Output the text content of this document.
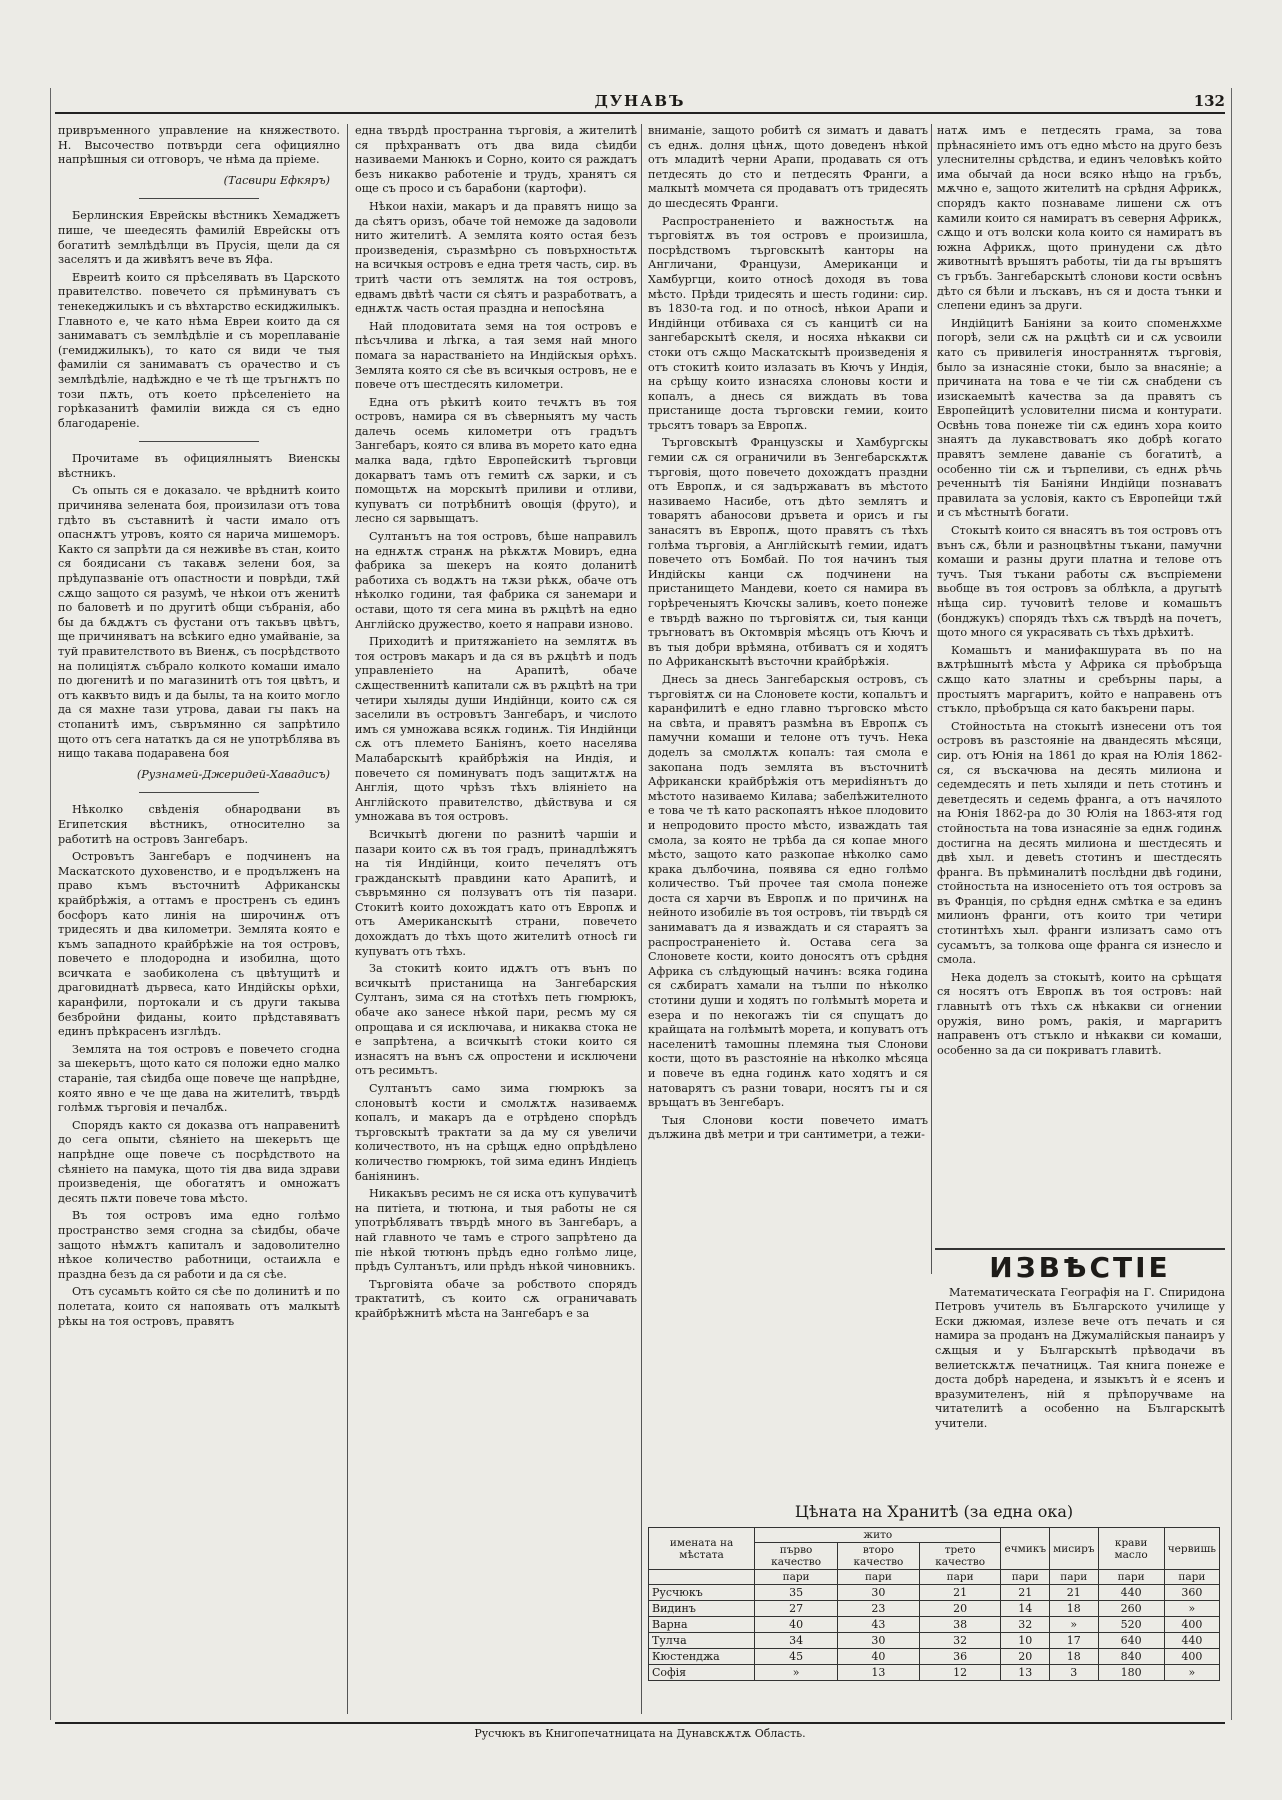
ДУНАВЪ	132

привръменного управление на княжеството. Н. Высочество потвърди сега официялно напрѣшныя си отговоръ, че нѣма да пріеме.

(Тасвири Ефкяръ)

Берлинския Еврейскы вѣстникъ Хемаджетъ пише, че шеедесять фамилій Еврейскы отъ богатитѣ землѣдѣлци въ Прусія, щели да ся заселятъ и да живѣятъ вече въ Яфа.

Евреитѣ които ся прѣселявать въ Царското правителство. повечето ся прѣминуватъ съ тенекеджилыкъ и съ вѣхтарство ескиджилыкъ. Главното е, че като нѣма Евреи които да ся занимаватъ съ землѣдѣліе и съ мореплаваніе (гемиджилыкъ), то като ся види че тыя фамиліи ся занимаватъ съ орачество и съ землѣдѣліе, надѣждно е че тѣ ще тръгнѫтъ по този пѫть, отъ което прѣселеніето на горѣказанитѣ фамиліи вижда ся съ едно благодареніе.

Прочитаме въ официялныятъ Виенскы вѣстникъ.

Съ опыть ся е доказало. че врѣднитѣ които причинява зелената боя, произилази отъ това гдѣто въ съставнитѣ ѝ части имало отъ опаснѫтъ утровъ, която ся нарича мишеморъ. Както ся запрѣти да ся неживѣе въ стан, които ся боядисани съ такавѫ зелени боя, за прѣдупазваніе отъ опастности и поврѣди, тѫй сѫщо защото ся разумѣ, че нѣкои отъ женитѣ по баловетѣ и по другитѣ общи събранія, або бы да бѫдѫтъ съ фустани отъ такъвъ цвѣтъ, ще причиняватъ на всѣкиго едно умайваніе, за туй правителството въ Виенѫ, съ посрѣдството на полицiятѫ събрало колкото комаши имало по дюгенитѣ и по магазинитѣ отъ тоя цвѣтъ, и отъ каквъто видъ и да былы, та на които могло да ся махне тази утрова, даваи гы пакъ на стопанитѣ имъ, съвръмянно ся запрѣтило щото отъ сега нататкъ да ся не употрѣблява въ нищо такава подаравена боя

(Рузнамей-Джеридей-Хавадисъ)

Нѣколко свѣденія обнародвани въ Египетския вѣстникъ, относително за работитѣ на островъ Зангебаръ.

Островътъ Зангебаръ е подчиненъ на Маскатското духовенство, и е продълженъ на право къмъ въсточнитѣ Африканскы крайбрѣжія, а оттамъ е простренъ съ единъ босфоръ като линія на широчинѫ отъ тридесять и два километри. Землята която е къмъ западното крайбрѣжіе на тоя островъ, повечето е плодородна и изобилна, щото всичката е заобиколена съ цвѣтущитѣ и драговиднатѣ дървеса, като Индійскы орѣхи, каранфили, портокали и съ други такыва безбройни фиданы, които прѣдставяватъ единъ прѣкрасенъ изглѣдъ.

Землята на тоя островъ е повечето сгодна за шекерьтъ, щото като ся положи едно малко стараніе, тая сѣидба още повече ще напрѣдне, която явно е че ще дава на жителитѣ, твърдѣ голѣмѫ търговія и печалбѫ.

Спорядъ както ся доказва отъ направенитѣ до сега опыти, сѣяніето на шекерьтъ ще напрѣдне още повече съ посрѣдството на сѣяніето на памука, щото тія два вида здрави произведенія, ще обогатятъ и омножатъ десять пѫти повече това мѣсто.

Въ тоя островъ има едно голѣмо пространство земя сгодна за сѣидбы, обаче защото нѣмѫтъ капиталъ и задоволително нѣкое количество работници, остаиѫла е праздна безъ да ся работи и да ся сѣе.

Отъ сусамьтъ който ся сѣе по долинитѣ и по полетата, които ся напоявать отъ малкытѣ рѣкы на тоя островъ, правятъ

една твърдѣ пространна търговія, а жителитѣ ся прѣхранватъ отъ два вида сѣидби називаеми Манюкъ и Сорно, които ся раждатъ безъ никакво работеніе и трудъ, хранятъ ся още съ просо и съ барабони (картофи).

Нѣкои нахіи, макаръ и да правятъ нищо за да сѣятъ оризъ, обаче той неможе да задоволи нито жителитѣ. А землята която остая безъ произведенія, съразмѣрно съ повърхностьтѫ на всичкыя островъ е една третя часть, сир. въ тритѣ части отъ землятѫ на тоя островъ, едвамъ двѣтѣ части ся сѣятъ и разработватъ, а еднѫтѫ часть остая праздна и непосѣяна

Най плодовитата земя на тоя островъ е пѣсъчлива и лѣгка, а тая земя най много помага за нарастваніето на Индійскыя орѣхъ. Землята която ся сѣе въ всичкыя островъ, не е повече отъ шестдесять километри.

Една отъ рѣкитѣ които течѫтъ въ тоя островъ, намира ся въ сѣверныятъ му часть далечь осемь километри отъ градътъ Зангебаръ, която ся влива въ морето като една малка вада, гдѣто Европейскитѣ търговци докарватъ тамъ отъ гемитѣ сѫ зарки, и съ помощьтѫ на морскытѣ приливи и отливи, купуватъ си потрѣбнитѣ овощія (фруто), и лесно ся зарвыщатъ.

Султанътъ на тоя островъ, бѣше направилъ на еднѫтѫ странѫ на рѣкѫтѫ Мовиръ, една фабрика за шекеръ на която доланитѣ работиха съ водѫтъ на тѫзи рѣкѫ, обаче отъ нѣколко години, тая фабрика ся занемари и остави, щото тя сега мина въ рѫцѣтѣ на едно Англійско дружество, което я направи изново.

Приходитѣ и притяжаніето на землятѫ въ тоя островъ макаръ и да ся въ рѫцѣтѣ и подъ управленіето на Арапитѣ, обаче сѫщественнитѣ капитали сѫ въ рѫцѣтѣ на три четири хыляды души Индійнци, които сѫ ся заселили въ островътъ Зангебаръ, и числото имъ ся умножава всякѫ годинѫ. Тія Индійнци сѫ отъ племето Баніянъ, което населява Малабарскытѣ крайбрѣжія на Индія, и повечето ся поминуватъ подъ защитѫтѫ на Англія, щото чрѣзъ тѣхъ вліяніето на Англійското правителство, дѣйствува и ся умножава въ тоя островъ.

Всичкытѣ дюгени по разнитѣ чаршіи и пазари които сѫ въ тоя градъ, принадлѣжятъ на тія Индійнци, които печелятъ отъ гражданскытѣ правдини като Арапитѣ, и съвръмянно ся ползуватъ отъ тія пазари. Стокитѣ които дохождатъ като отъ Европѫ и отъ Американскытѣ страни, повечето дохождатъ до тѣхъ щото жителитѣ относѣ ги купуватъ отъ тѣхъ.

За стокитѣ които идѫтъ отъ вънъ по всичкытѣ пристанища на Зангебарския Султанъ, зима ся на стотѣхъ петь гюмрюкъ, обаче ако занесе нѣкой пари, ресмъ му ся опрощава и ся исключава, и никаква стока не е запрѣтена, а всичкытѣ стоки които ся изнасятъ на вънъ сѫ опростени и исключени отъ ресимьтъ.

Султанътъ само зима гюмрюкъ за слоновытѣ кости и смолѫтѫ називаемѫ копалъ, и макаръ да е отрѣдено спорѣдъ търговскытѣ трактати за да му ся увеличи количеството, нъ на срѣщѫ едно опрѣдѣлено количество гюмрюкъ, той зима единъ Индіецъ баніянинъ.

Никакъвъ ресимъ не ся иска отъ купувачитѣ на питіета, и тютюна, и тыя работы не ся употрѣбляватъ твърдѣ много въ Зангебаръ, а най главното че тамъ е строго запрѣтено да пie нѣкой тютюнъ прѣдъ едно голѣмо лице, прѣдъ Султанътъ, или прѣдъ нѣкой чиновникъ.

Търговіята обаче за робството спорядъ трактатитѣ, съ които сѫ ограничавать крайбрѣжнитѣ мѣста на Зангебаръ е за

вниманіе, защото робитѣ ся зиматъ и даватъ съ еднѫ. долня цѣнѫ, щото доведенъ нѣкой отъ млaдитѣ черни Арапи, продавать ся отъ петдесять до сто и петдесять Франги, а малкытѣ момчета ся продаватъ отъ тридесять до шесдесять Франги.

Распространеніето и важностьтѫ на търговіятѫ въ тоя островъ е произишла, посрѣдствомъ търговскытѣ канторы на Англичани, Французи, Американци и Хамбургци, които относѣ доходя въ това мѣсто. Прѣди тридесять и шесть години: сир. въ 1830-та год. и по относѣ, нѣкои Арапи и Индійнци отбиваха ся съ канцитѣ си на зангебарскытѣ скеля, и носяха нѣкакви си стоки отъ сѫщо Маскатскытѣ произведенія я отъ стокитѣ които излазать въ Кючъ у Индія, на срѣщу които изнасяха слоновы кости и копалъ, а днесь ся виждать въ това пристанище доста търговски гемии, които трьсятъ товаръ за Европѫ.

Търговскытѣ Французскы и Хамбургскы гемии сѫ ся ограничили въ Зенгебарскѫтѫ търговія, щото повечето дохождатъ праздни отъ Европѫ, и ся задържаватъ въ мѣстото називаемо Насибе, отъ дѣто землятъ и товарятъ абаносови дръвета и орисъ и гы занасятъ въ Европѫ, щото правятъ съ тѣхъ голѣма търговія, а Англійскытѣ гемии, идатъ повечето отъ Бомбай. По тоя начинъ тыя Индійскы канци сѫ подчинени на пристанището Мандеви, което ся намира въ горѣреченыятъ Кючскы заливъ, което понеже е твърдѣ важно по търговіятѫ си, тыя канци тръгноватъ въ Октомврія мѣсяцъ отъ Кючъ и въ тыя добри врѣмяна, отбиватъ ся и ходятъ по Африканскытѣ въсточни крайбрѣжія.

Днесь за днесь Зангебарскыя островъ, съ търговіятѫ си на Слоновете кости, копальтъ и каранфилитѣ е едно главно търговско мѣсто на свѣта, и правятъ размѣна въ Европѫ съ памучни комаши и телоне отъ тучъ. Нека доделъ за смолѫтѫ копалъ: тая смола е закопана подъ землята въ въсточнитѣ Африкански крайбрѣжія отъ мериdiянътъ до мѣстото називаемо Килава; забелѣжителното е това че тѣ като раскопаятъ нѣкое плодовито и непродовито просто мѣсто, изваждать тая смола, за която не трѣба да ся копае много мѣсто, защото като разкопае нѣколко само крака дълбочина, появява ся едно голѣмо количество. Тъй прочее тая смола понеже доста ся харчи въ Европѫ и по причинѫ на нейното изобиліе въ тоя островъ, тіи твърдѣ ся занимаватъ да я изваждать и ся стараятъ за распространеніето ѝ. Остава сега за Слоновете кости, които доносятъ отъ срѣдня Африка съ слѣдующый начинъ: всяка година ся сѫбиратъ хамали на тълпи по нѣколко стотини души и ходятъ по голѣмытѣ морета и езера и по некогажъ тіи ся спущатъ до крайщата на голѣмытѣ морета, и копуватъ отъ населенитѣ тамошны племяна тыя Слонови кости, щото въ разстояніе на нѣколко мѣсяца и повече въ една годинѫ като ходятъ и ся натоварятъ съ разни товари, носятъ гы и ся връщатъ въ Зенгебаръ.

Тыя Слонови кости повечето иматъ дължина двѣ метри и три сантиметри, а тежи-

натѫ имъ е петдесять грама, за това прѣнасяніето имъ отъ едно мѣсто на друго безъ улеснителны срѣдства, и единъ человѣкъ който има обычай да носи всяко нѣщо на гръбъ, мѫчно е, защото жителитѣ на срѣдня Африкѫ, спорядъ както познаваме лишени сѫ отъ камили които ся намиратъ въ северня Африкѫ, сѫщо и отъ волски кола които ся намиратъ въ южна Африкѫ, щото принудени сѫ дѣто животнытѣ връшятъ работы, тіи да гы връшятъ съ гръбъ. Зангебарскытѣ слонови кости освѣнъ дѣто ся бѣли и лъскавъ, нъ ся и доста тънки и слепени единъ за други.

Индійцитѣ Баніяни за които споменѫхме погорѣ, зели сѫ на рѫцѣтѣ си и сѫ усвоили като съ привилегія иностраннятѫ търговія, было за изнасяніе стоки, было за внасяніе; а причината на това е че тіи сѫ снабдени съ изискаемытѣ качества за да правятъ съ Европейцитѣ условителни писма и контурати. Освѣнь това понеже тіи сѫ единъ хора които знаятъ да лукавствоватъ яко добрѣ когато правятъ землене даваніе съ богатитѣ, а особенно тіи сѫ и търпеливи, съ еднѫ рѣчь реченнытѣ тія Баніяни Индійци познаватъ правилата за условія, както съ Европейци тѫй и съ мѣстнытѣ богати.

Стокытѣ които ся внасятъ въ тоя островъ отъ вънъ сѫ, бѣли и разноцвѣтны тъкани, памучни комаши и разны други платна и телове отъ тучъ. Тыя тъкани работы сѫ въспріемени вьобще въ тоя островъ за облѣкла, а другытѣ нѣща сир. тучовитѣ телове и комашьтъ (бонджукъ) спорядъ тѣхъ сѫ твърдѣ на почетъ, щото много ся украсявать съ тѣхъ дрѣхитѣ.

Комашьтъ и манифакшурата въ по на вѫтрѣшнытѣ мѣста у Африка ся прѣобръща сѫщо като златны и сребърны пары, а простыятъ маргаритъ, който е направень отъ стъкло, прѣобръща ся като бакърени пары.

Стойностьта на стокытѣ изнесени отъ тоя островъ въ разстояніе на двандесять мѣсяци, сир. отъ Юнія на 1861 до края на Юлія 1862-ся, ся въскачюва на десять милиона и седемдесять и петь хыляди и петь стотинъ и деветдесять и седемь франга, а отъ начялото на Юнія 1862-ра до 30 Юлія на 1863-ятя год стойностьта на това изнасяніе за еднѫ годинѫ достигна на десять милиона и шестдесять и двѣ хыл. и девеtъ стотинъ и шестдесять франга. Въ прѣминалитѣ послѣдни двѣ години, стойностьта на износеніето отъ тоя островъ за въ Франція, по срѣдня еднѫ смѣтка е за единъ милионъ франги, отъ които три четири стотинтѣхъ хыл. франги излизатъ само отъ сусамътъ, за толкова още франга ся изнесло и смола.

Нека доделъ за стокытѣ, които на срѣщатя ся носятъ отъ Европѫ въ тоя островъ: най главнытѣ отъ тѣхъ сѫ нѣкакви си огнении оружія, вино ромъ, ракія, и маргаритъ направенъ отъ стъкло и нѣкакви си комаши, особенно за да си покриватъ главитѣ.

ИЗВѢСТІЕ

Математическата Географія на Г. Спиридона Петровъ учитель въ Българското училище у Ески джюмая, излезе вече отъ печать и ся намира за проданъ на Джумалійскыя панаиръ у сѫщыя и у Българскытѣ прѣводачи въ велиетскѫтѫ печатницѫ. Тая книга понеже е доста добрѣ наредена, и языкътъ ѝ е ясенъ и вразумителенъ, ній я прѣпоручваме на читателитѣ а особенно на Българскытѣ учители.

Цѣната на Хранитѣ (за една ока)
имената на мѣстата	жито			ечмикъ	мисиръ	крави масло	червишь
	първо качество	второ качество	трето качество				
	пари	пари	пари	пари	пари	пари	пари
Русчюкъ	35	30	21	21	21	440	360
Видинъ	27	23	20	14	18	260	»
Варна	40	43	38	32	»	520	400
Тулча	34	30	32	10	17	640	440
Кюстенджа	45	40	36	20	18	840	400
Софія	»	13	12	13	3	180	»
Русчюкъ въ Книгопечатницата на Дунавскѫтѫ Область.
